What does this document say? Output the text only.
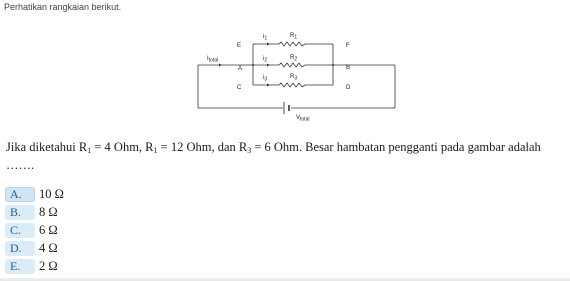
Perhatikan rangkaian berikut.
E	F
A	B
C	D
$i_1$
$i_2$
$i_3$
$I_{total}$
$R_1$
$R_2$
$R_3$
$V_{total}$
Jika diketahui $R_1 = 4$ Ohm, $R_1 = 12$ Ohm, dan $R_3 = 6$ Ohm. Besar hambatan pengganti pada gambar adalah …….
A.	10 Ω
B.	8 Ω
C.	6 Ω
D.	4 Ω
E.	2 Ω
